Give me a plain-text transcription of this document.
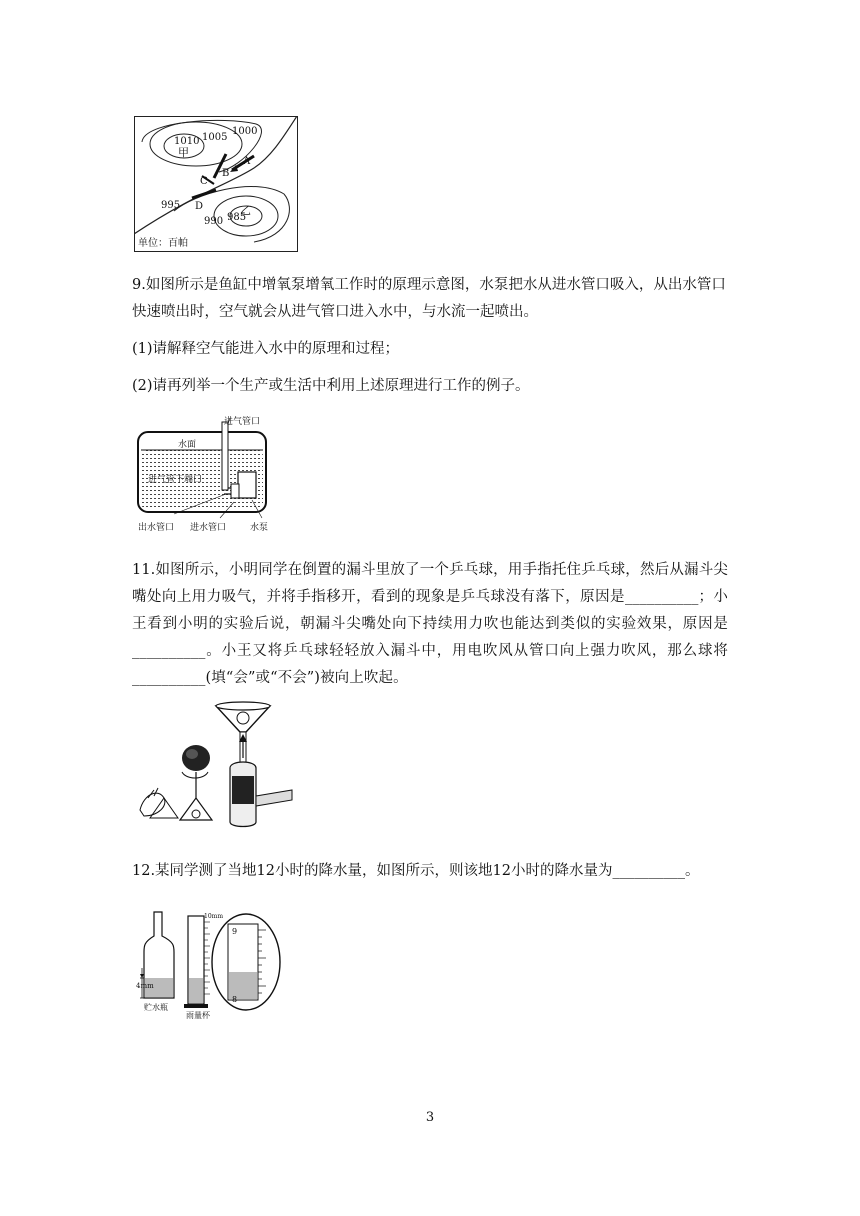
1010 1005
1000
995
990 985
甲
乙
A
B
C
D
单位：百帕

9.如图所示是鱼缸中增氧泵增氧工作时的原理示意图，水泵把水从进水管口吸入，从出水管口快速喷出时，空气就会从进气管口进入水中，与水流一起喷出。

(1)请解释空气能进入水中的原理和过程；

(2)请再列举一个生产或生活中利用上述原理进行工作的例子。

进气管口
水面
进气管下端口
出水管口 进水管口	水泵

11.如图所示，小明同学在倒置的漏斗里放了一个乒乓球，用手指托住乒乓球，然后从漏斗尖嘴处向上用力吸气，并将手指移开，看到的现象是乒乓球没有落下，原因是__________；小王看到小明的实验后说，朝漏斗尖嘴处向下持续用力吹也能达到类似的实验效果，原因是__________。小王又将乒乓球轻轻放入漏斗中，用电吹风从管口向上强力吹风，那么球将__________(填“会”或“不会”)被向上吹起。

12.某同学测了当地12小时的降水量，如图所示，则该地12小时的降水量为__________。

4mm
贮水瓶
雨量杯
10mm
9
8
3
